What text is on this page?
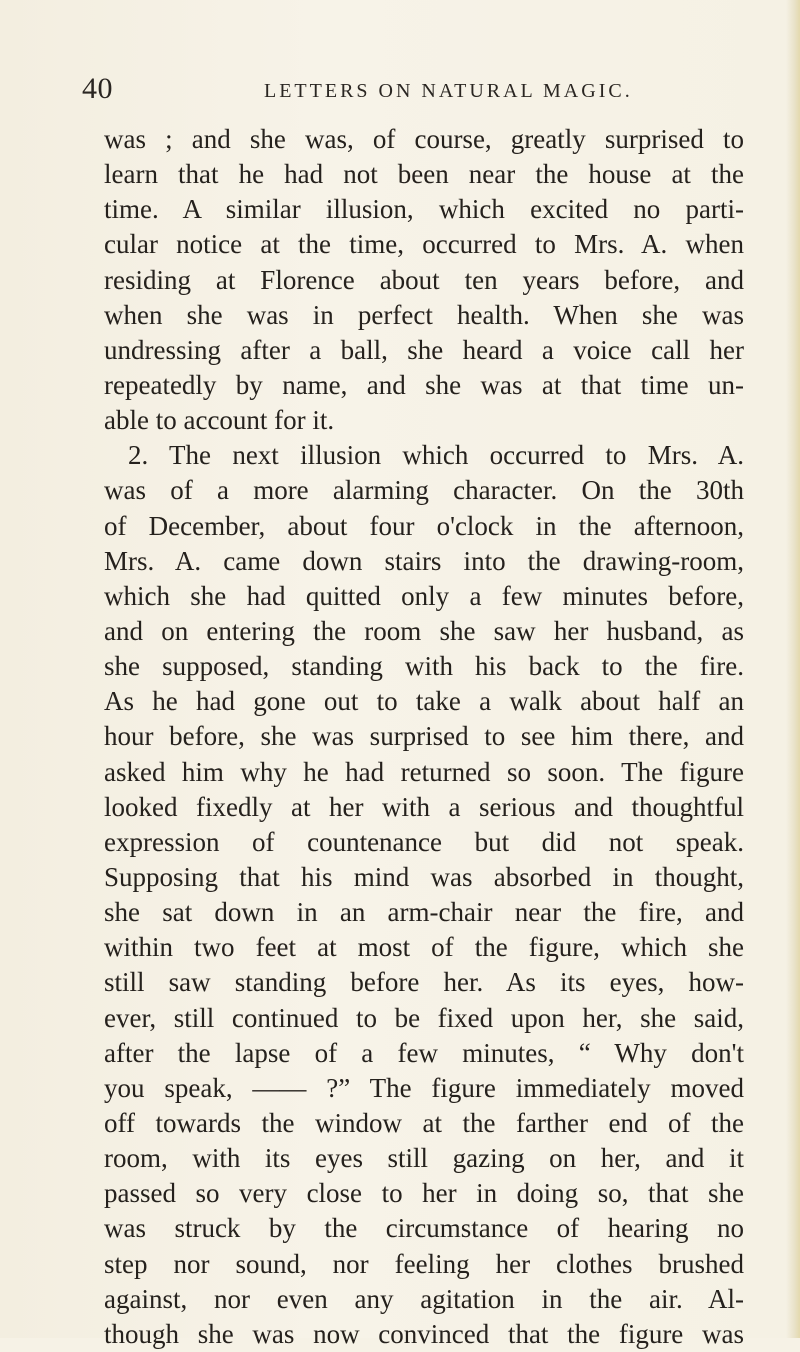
40	LETTERS ON NATURAL MAGIC.
was ; and she was, of course, greatly surprised to
learn that he had not been near the house at the
time. A similar illusion, which excited no parti-
cular notice at the time, occurred to Mrs. A. when
residing at Florence about ten years before, and
when she was in perfect health. When she was
undressing after a ball, she heard a voice call her
repeatedly by name, and she was at that time un-
able to account for it.
2. The next illusion which occurred to Mrs. A.
was of a more alarming character. On the 30th
of December, about four o'clock in the afternoon,
Mrs. A. came down stairs into the drawing-room,
which she had quitted only a few minutes before,
and on entering the room she saw her husband, as
she supposed, standing with his back to the fire.
As he had gone out to take a walk about half an
hour before, she was surprised to see him there, and
asked him why he had returned so soon. The figure
looked fixedly at her with a serious and thoughtful
expression of countenance but did not speak.
Supposing that his mind was absorbed in thought,
she sat down in an arm-chair near the fire, and
within two feet at most of the figure, which she
still saw standing before her. As its eyes, how-
ever, still continued to be fixed upon her, she said,
after the lapse of a few minutes, “ Why don't
you speak, —— ?” The figure immediately moved
off towards the window at the farther end of the
room, with its eyes still gazing on her, and it
passed so very close to her in doing so, that she
was struck by the circumstance of hearing no
step nor sound, nor feeling her clothes brushed
against, nor even any agitation in the air. Al-
though she was now convinced that the figure was
